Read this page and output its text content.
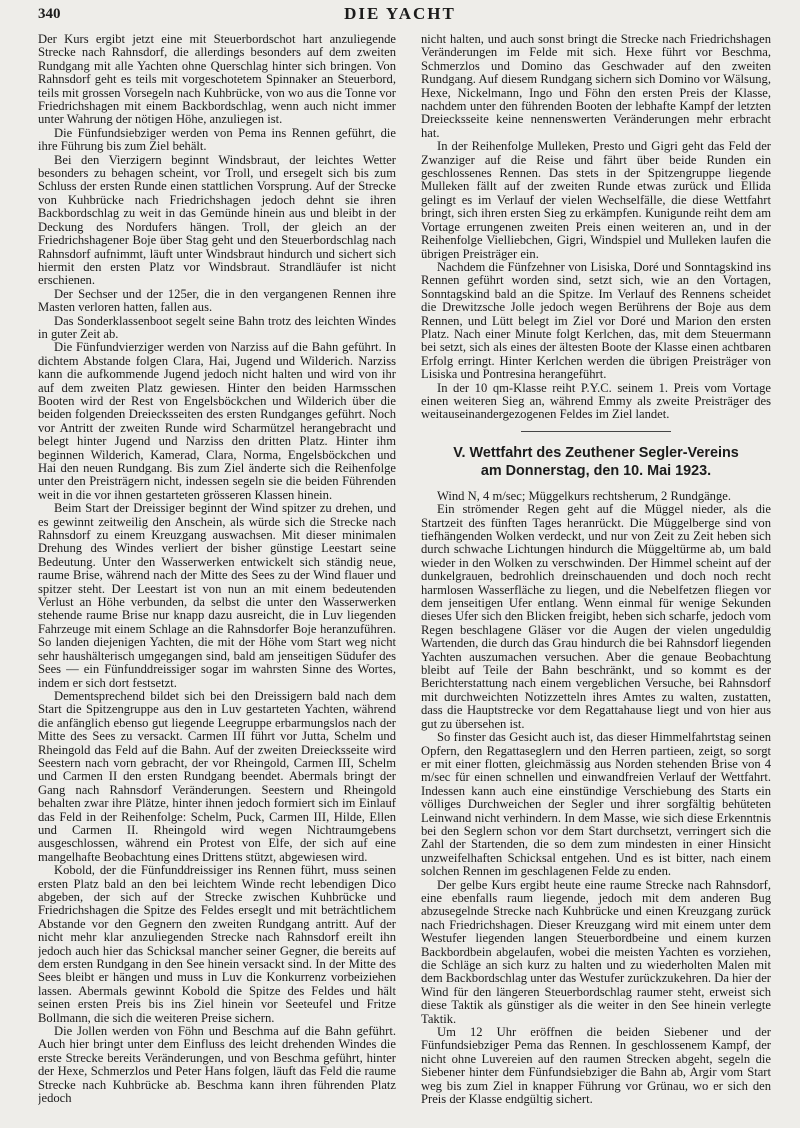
340	DIE YACHT

Der Kurs ergibt jetzt eine mit Steuerbordschot hart anzuliegende Strecke nach Rahnsdorf, die allerdings besonders auf dem zweiten Rundgang mit alle Yachten ohne Querschlag hinter sich bringen. Von Rahnsdorf geht es teils mit vorgeschotetem Spinnaker an Steuerbord, teils mit grossen Vorsegeln nach Kuhbrücke, von wo aus die Tonne vor Friedrichshagen mit einem Backbordschlag, wenn auch nicht immer unter Wahrung der nötigen Höhe, anzuliegen ist.

Die Fünfundsiebziger werden von Pema ins Rennen geführt, die ihre Führung bis zum Ziel behält.

Bei den Vierzigern beginnt Windsbraut, der leichtes Wetter besonders zu behagen scheint, vor Troll, und ersegelt sich bis zum Schluss der ersten Runde einen stattlichen Vorsprung. Auf der Strecke von Kuhbrücke nach Friedrichshagen jedoch dehnt sie ihren Backbordschlag zu weit in das Gemünde hinein aus und bleibt in der Deckung des Nordufers hängen. Troll, der gleich an der Friedrichshagener Boje über Stag geht und den Steuerbordschlag nach Rahnsdorf aufnimmt, läuft unter Windsbraut hindurch und sichert sich hiermit den ersten Platz vor Windsbraut. Strandläufer ist nicht erschienen.

Der Sechser und der 125er, die in den vergangenen Rennen ihre Masten verloren hatten, fallen aus.

Das Sonderklassenboot segelt seine Bahn trotz des leichten Windes in guter Zeit ab.

Die Fünfundvierziger werden von Narziss auf die Bahn geführt. In dichtem Abstande folgen Clara, Hai, Jugend und Wilderich. Narziss kann die aufkommende Jugend jedoch nicht halten und wird von ihr auf dem zweiten Platz gewiesen. Hinter den beiden Harmsschen Booten wird der Rest von Engelsböckchen und Wilderich über die beiden folgenden Dreiecksseiten des ersten Rundganges geführt. Noch vor Antritt der zweiten Runde wird Scharmützel herangebracht und belegt hinter Jugend und Narziss den dritten Platz. Hinter ihm beginnen Wilderich, Kamerad, Clara, Norma, Engelsböckchen und Hai den neuen Rundgang. Bis zum Ziel änderte sich die Reihenfolge unter den Preisträgern nicht, indessen segeln sie die beiden Führenden weit in die vor ihnen gestarteten grösseren Klassen hinein.

Beim Start der Dreissiger beginnt der Wind spitzer zu drehen, und es gewinnt zeitweilig den Anschein, als würde sich die Strecke nach Rahnsdorf zu einem Kreuzgang auswachsen. Mit dieser minimalen Drehung des Windes verliert der bisher günstige Leestart seine Bedeutung. Unter den Wasserwerken entwickelt sich ständig neue, raume Brise, während nach der Mitte des Sees zu der Wind flauer und spitzer steht. Der Leestart ist von nun an mit einem bedeutenden Verlust an Höhe verbunden, da selbst die unter den Wasserwerken stehende raume Brise nur knapp dazu ausreicht, die in Luv liegenden Fahrzeuge mit einem Schlage an die Rahnsdorfer Boje heranzuführen. So landen diejenigen Yachten, die mit der Höhe vom Start weg nicht sehr haushälterisch umgegangen sind, bald am jenseitigen Südufer des Sees — ein Fünfunddreissiger sogar im wahrsten Sinne des Wortes, indem er sich dort festsetzt.

Dementsprechend bildet sich bei den Dreissigern bald nach dem Start die Spitzengruppe aus den in Luv gestarteten Yachten, während die anfänglich ebenso gut liegende Leegruppe erbarmungslos nach der Mitte des Sees zu versackt. Carmen III führt vor Jutta, Schelm und Rheingold das Feld auf die Bahn. Auf der zweiten Dreiecksseite wird Seestern nach vorn gebracht, der vor Rheingold, Carmen III, Schelm und Carmen II den ersten Rundgang beendet. Abermals bringt der Gang nach Rahnsdorf Veränderungen. Seestern und Rheingold behalten zwar ihre Plätze, hinter ihnen jedoch formiert sich im Einlauf das Feld in der Reihenfolge: Schelm, Puck, Carmen III, Hilde, Ellen und Carmen II. Rheingold wird wegen Nichtraumgebens ausgeschlossen, während ein Protest von Elfe, der sich auf eine mangelhafte Beobachtung eines Drittens stützt, abgewiesen wird.

Kobold, der die Fünfunddreissiger ins Rennen führt, muss seinen ersten Platz bald an den bei leichtem Winde recht lebendigen Dico abgeben, der sich auf der Strecke zwischen Kuhbrücke und Friedrichshagen die Spitze des Feldes erseglt und mit beträchtlichem Abstande vor den Gegnern den zweiten Rundgang antritt. Auf der nicht mehr klar anzuliegenden Strecke nach Rahnsdorf ereilt ihn jedoch auch hier das Schicksal mancher seiner Gegner, die bereits auf dem ersten Rundgang in den See hinein versackt sind. In der Mitte des Sees bleibt er hängen und muss in Luv die Konkurrenz vorbeiziehen lassen. Abermals gewinnt Kobold die Spitze des Feldes und hält seinen ersten Preis bis ins Ziel hinein vor Seeteufel und Fritze Bollmann, die sich die weiteren Preise sichern.

Die Jollen werden von Föhn und Beschma auf die Bahn geführt. Auch hier bringt unter dem Einfluss des leicht drehenden Windes die erste Strecke bereits Veränderungen, und von Beschma geführt, hinter der Hexe, Schmerzlos und Peter Hans folgen, läuft das Feld die raume Strecke nach Kuhbrücke ab. Beschma kann ihren führenden Platz jedoch

nicht halten, und auch sonst bringt die Strecke nach Friedrichshagen Veränderungen im Felde mit sich. Hexe führt vor Beschma, Schmerzlos und Domino das Geschwader auf den zweiten Rundgang. Auf diesem Rundgang sichern sich Domino vor Wälsung, Hexe, Nickelmann, Ingo und Föhn den ersten Preis der Klasse, nachdem unter den führenden Booten der lebhafte Kampf der letzten Dreiecksseite keine nennenswerten Veränderungen mehr erbracht hat.

In der Reihenfolge Mulleken, Presto und Gigri geht das Feld der Zwanziger auf die Reise und fährt über beide Runden ein geschlossenes Rennen. Das stets in der Spitzengruppe liegende Mulleken fällt auf der zweiten Runde etwas zurück und Ellida gelingt es im Verlauf der vielen Wechselfälle, die diese Wettfahrt bringt, sich ihren ersten Sieg zu erkämpfen. Kunigunde reiht dem am Vortage errungenen zweiten Preis einen weiteren an, und in der Reihenfolge Vielliebchen, Gigri, Windspiel und Mulleken laufen die übrigen Preisträger ein.

Nachdem die Fünfzehner von Lisiska, Doré und Sonntagskind ins Rennen geführt worden sind, setzt sich, wie an den Vortagen, Sonntagskind bald an die Spitze. Im Verlauf des Rennens scheidet die Drewitzsche Jolle jedoch wegen Berührens der Boje aus dem Rennen, und Lütt belegt im Ziel vor Doré und Marion den ersten Platz. Nach einer Minute folgt Kerlchen, das, mit dem Steuermann bei setzt, sich als eines der ältesten Boote der Klasse einen achtbaren Erfolg erringt. Hinter Kerlchen werden die übrigen Preisträger von Lisiska und Pontresina herangeführt.

In der 10 qm-Klasse reiht P.Y.C. seinem 1. Preis vom Vortage einen weiteren Sieg an, während Emmy als zweite Preisträger des weitauseinandergezogenen Feldes im Ziel landet.

V. Wettfahrt des Zeuthener Segler-Vereins
am Donnerstag, den 10. Mai 1923.

Wind N, 4 m/sec; Müggelkurs rechtsherum, 2 Rundgänge.

Ein strömender Regen geht auf die Müggel nieder, als die Startzeit des fünften Tages heranrückt. Die Müggelberge sind von tiefhängenden Wolken verdeckt, und nur von Zeit zu Zeit heben sich durch schwache Lichtungen hindurch die Müggeltürme ab, um bald wieder in den Wolken zu verschwinden. Der Himmel scheint auf der dunkelgrauen, bedrohlich dreinschauenden und doch noch recht harmlosen Wasserfläche zu liegen, und die Nebelfetzen fliegen vor dem jenseitigen Ufer entlang. Wenn einmal für wenige Sekunden dieses Ufer sich den Blicken freigibt, heben sich scharfe, jedoch vom Regen beschlagene Gläser vor die Augen der vielen ungeduldig Wartenden, die durch das Grau hindurch die bei Rahnsdorf liegenden Yachten auszumachen versuchen. Aber die genaue Beobachtung bleibt auf Teile der Bahn beschränkt, und so kommt es der Berichterstattung nach einem vergeblichen Versuche, bei Rahnsdorf mit durchweichten Notizzetteln ihres Amtes zu walten, zustatten, dass die Hauptstrecke vor dem Regattahause liegt und von hier aus gut zu übersehen ist.

So finster das Gesicht auch ist, das dieser Himmelfahrtstag seinen Opfern, den Regattaseglern und den Herren partieen, zeigt, so sorgt er mit einer flotten, gleichmässig aus Norden stehenden Brise von 4 m/sec für einen schnellen und einwandfreien Verlauf der Wettfahrt. Indessen kann auch eine einstündige Verschiebung des Starts ein völliges Durchweichen der Segler und ihrer sorgfältig behüteten Leinwand nicht verhindern. In dem Masse, wie sich diese Erkenntnis bei den Seglern schon vor dem Start durchsetzt, verringert sich die Zahl der Startenden, die so dem zum mindesten in einer Hinsicht unzweifelhaften Schicksal entgehen. Und es ist bitter, nach einem solchen Rennen im geschlagenen Felde zu enden.

Der gelbe Kurs ergibt heute eine raume Strecke nach Rahnsdorf, eine ebenfalls raum liegende, jedoch mit dem anderen Bug abzusegelnde Strecke nach Kuhbrücke und einen Kreuzgang zurück nach Friedrichshagen. Dieser Kreuzgang wird mit einem unter dem Westufer liegenden langen Steuerbordbeine und einem kurzen Backbordbein abgelaufen, wobei die meisten Yachten es vorziehen, die Schläge an sich kurz zu halten und zu wiederholten Malen mit dem Backbordschlag unter das Westufer zurückzukehren. Da hier der Wind für den längeren Steuerbordschlag raumer steht, erweist sich diese Taktik als günstiger als die weiter in den See hinein verlegte Taktik.

Um 12 Uhr eröffnen die beiden Siebener und der Fünfundsiebziger Pema das Rennen. In geschlossenem Kampf, der nicht ohne Luvereien auf den raumen Strecken abgeht, segeln die Siebener hinter dem Fünfundsiebziger die Bahn ab, Argir vom Start weg bis zum Ziel in knapper Führung vor Grünau, wo er sich den Preis der Klasse endgültig sichert.
